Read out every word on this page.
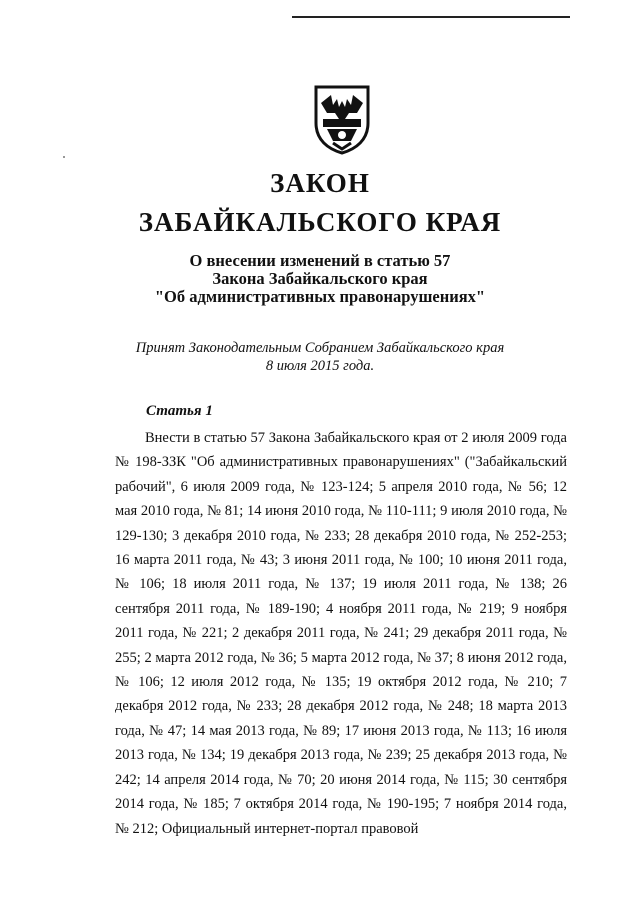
ЗАКОН
ЗАБАЙКАЛЬСКОГО КРАЯ
О внесении изменений в статью 57
Закона Забайкальского края
"Об административных правонарушениях"
Принят Законодательным Собранием Забайкальского края
8 июля 2015 года.
Статья 1

Внести в статью 57 Закона Забайкальского края от 2 июля 2009 года № 198-ЗЗК "Об административных правонарушениях" ("Забайкальский рабочий", 6 июля 2009 года, № 123-124; 5 апреля 2010 года, № 56; 12 мая 2010 года, № 81; 14 июня 2010 года, № 110-111; 9 июля 2010 года, № 129-130; 3 декабря 2010 года, № 233; 28 декабря 2010 года, № 252-253; 16 марта 2011 года, № 43; 3 июня 2011 года, № 100; 10 июня 2011 года, № 106; 18 июля 2011 года, № 137; 19 июля 2011 года, № 138; 26 сентября 2011 года, № 189-190; 4 ноября 2011 года, № 219; 9 ноября 2011 года, № 221; 2 декабря 2011 года, № 241; 29 декабря 2011 года, № 255; 2 марта 2012 года, № 36; 5 марта 2012 года, № 37; 8 июня 2012 года, № 106; 12 июля 2012 года, № 135; 19 октября 2012 года, № 210; 7 декабря 2012 года, № 233; 28 декабря 2012 года, № 248; 18 марта 2013 года, № 47; 14 мая 2013 года, № 89; 17 июня 2013 года, № 113; 16 июля 2013 года, № 134; 19 декабря 2013 года, № 239; 25 декабря 2013 года, № 242; 14 апреля 2014 года, № 70; 20 июня 2014 года, № 115; 30 сентября 2014 года, № 185; 7 октября 2014 года, № 190-195; 7 ноября 2014 года, № 212; Официальный интернет-портал правовой
